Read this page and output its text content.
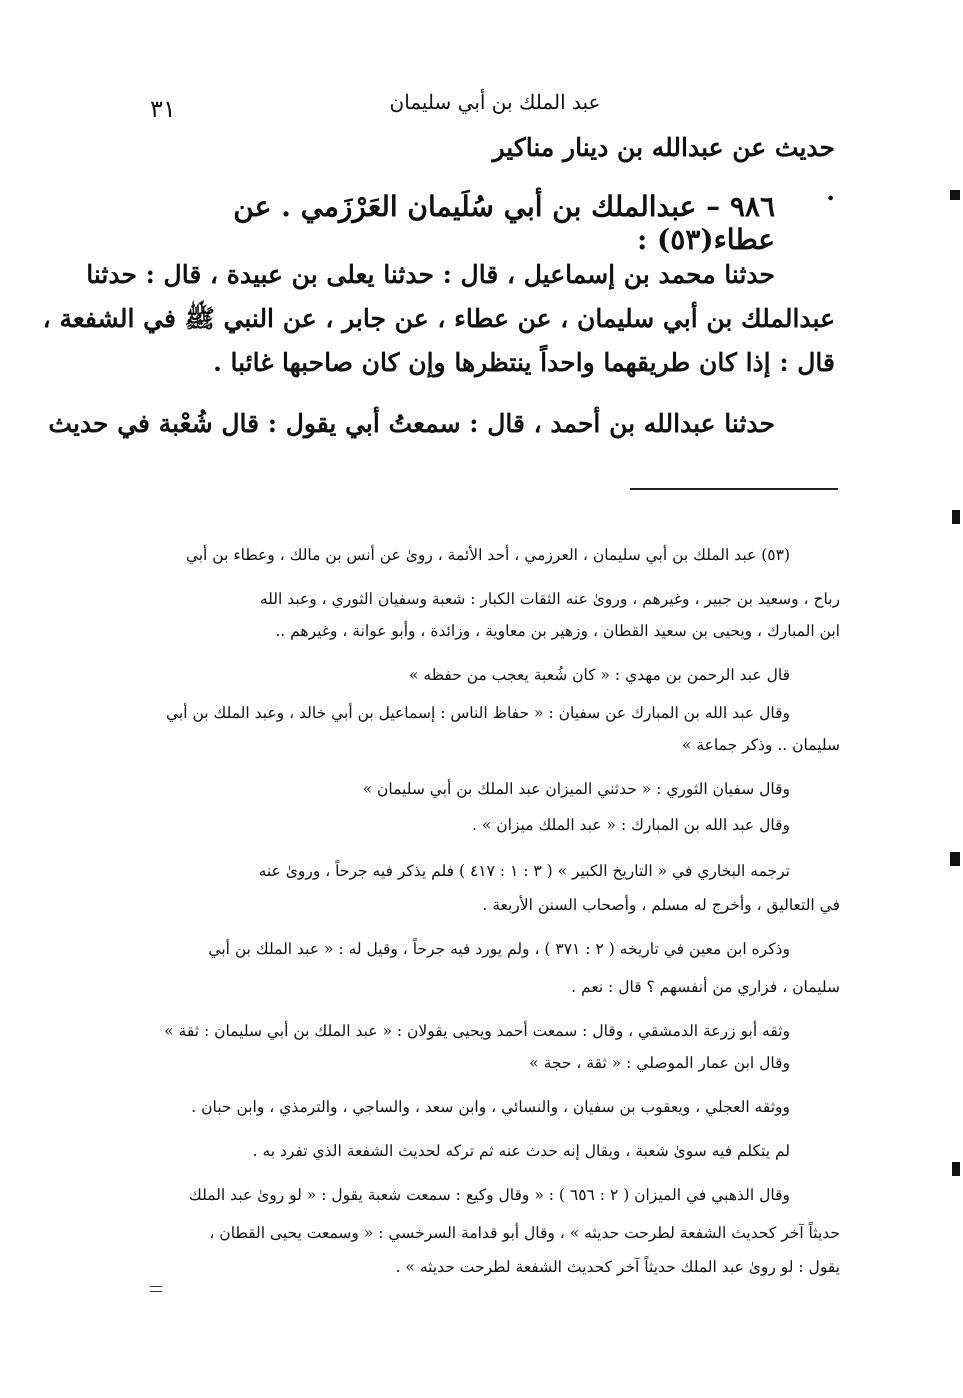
عبد الملك بن أبي سليمان
٣١
حديث عن عبدالله بن دينار مناكير .
٩٨٦ – عبدالملك بن أبي سُلَيمان العَرْزَمي . عن عطاء(٥٣) :
حدثنا محمد بن إسماعيل ، قال : حدثنا يعلى بن عبيدة ، قال : حدثنا
عبدالملك بن أبي سليمان ، عن عطاء ، عن جابر ، عن النبي ﷺ في الشفعة ،
قال : إذا كان طريقهما واحداً ينتظرها وإن كان صاحبها غائبا .
حدثنا عبدالله بن أحمد ، قال : سمعتُ أبي يقول : قال شُعْبة في حديث
(٥٣) عبد الملك بن أبي سليمان ، العرزمي ، أحد الأئمة ، روىٰ عن أنس بن مالك ، وعطاء بن أبي
رباح ، وسعيد بن جبير ، وغيرهم ، وروىٰ عنه الثقات الكبار : شعبة وسفيان الثوري ، وعبد الله
ابن المبارك ، ويحيى بن سعيد القطان ، وزهير بن معاوية ، وزائدة ، وأبو عوانة ، وغيرهم ..
قال عبد الرحمن بن مهدي : « كان شُعبة يعجب من حفظه »
وقال عبد الله بن المبارك عن سفيان : « حفاظ الناس : إسماعيل بن أبي خالد ، وعبد الملك بن أبي
سليمان .. وذكر جماعة »
وقال سفيان الثوري : « حدثني الميزان عبد الملك بن أبي سليمان »
وقال عبد الله بن المبارك : « عبد الملك ميزان » .
ترجمه البخاري في « التاريخ الكبير » ( ٣ : ١ : ٤١٧ ) فلم يذكر فيه جرحاً ، وروىٰ عنه
في التعاليق ، وأخرج له مسلم ، وأصحاب السنن الأربعة .
وذكره ابن معين في تاريخه ( ٢ : ٣٧١ ) ، ولم يورد فيه جرحاً ، وقيل له : « عبد الملك بن أبي
سليمان ، فزاري من أنفسهم ؟ قال : نعم .
وثقه أبو زرعة الدمشقي ، وقال : سمعت أحمد ويحيى يقولان : « عبد الملك بن أبي سليمان : ثقة »
وقال ابن عمار الموصلي : « ثقة ، حجة »
ووثقه العجلي ، ويعقوب بن سفيان ، والنسائي ، وابن سعد ، والساجي ، والترمذي ، وابن حبان .
لم يتكلم فيه سوىٰ شعبة ، ويقال إنه حدث عنه ثم تركه لحديث الشفعة الذي تفرد به .
وقال الذهبي في الميزان ( ٢ : ٦٥٦ ) : « وقال وكيع : سمعت شعبة يقول : « لو روىٰ عبد الملك
حديثاً آخر كحديث الشفعة لطرحت حديثه » ، وقال أبو قدامة السرخسي : « وسمعت يحيى القطان ،
يقول : لو روىٰ عبد الملك حديثاً آخر كحديث الشفعة لطرحت حديثه » .
